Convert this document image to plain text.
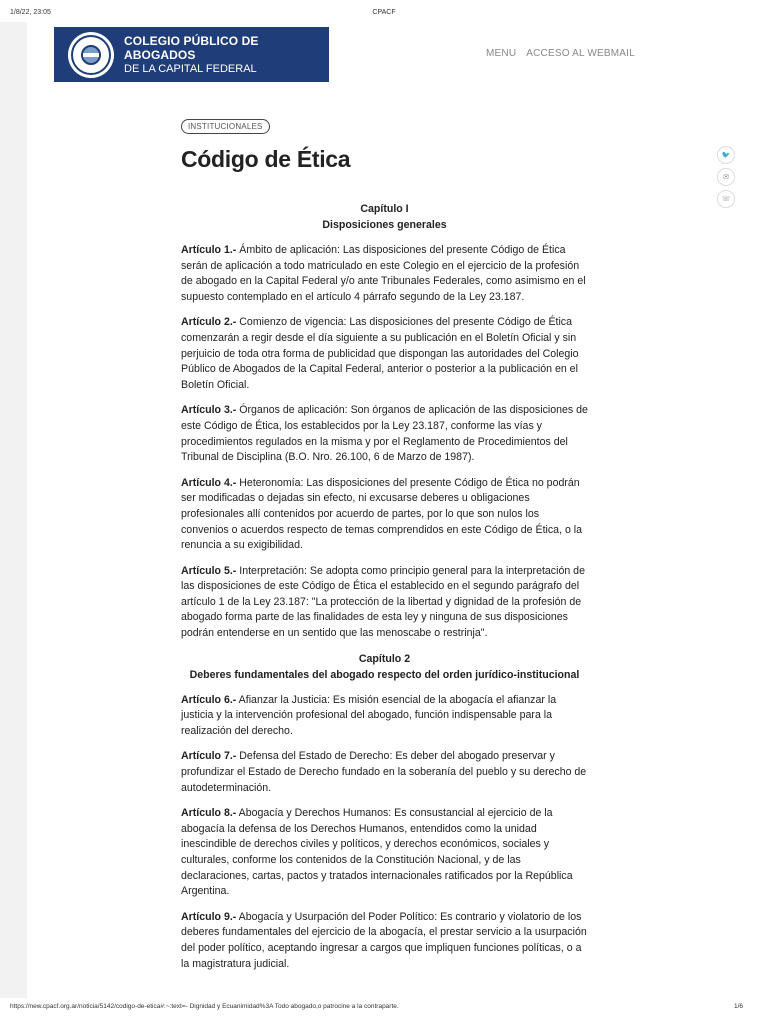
1/8/22, 23:05	CPACF
COLEGIO PÚBLICO DE ABOGADOS
DE LA CAPITAL FEDERAL
MENU ACCESO AL WEBMAIL
🐦
✉
☏
INSTITUCIONALES
Código de Ética
Capítulo I
Disposiciones generales

Artículo 1.- Ámbito de aplicación: Las disposiciones del presente Código de Ética serán de aplicación a todo matriculado en este Colegio en el ejercicio de la profesión de abogado en la Capital Federal y/o ante Tribunales Federales, como asimismo en el supuesto contemplado en el artículo 4 párrafo segundo de la Ley 23.187.

Artículo 2.- Comienzo de vigencia: Las disposiciones del presente Código de Ética comenzarán a regir desde el día siguiente a su publicación en el Boletín Oficial y sin perjuicio de toda otra forma de publicidad que dispongan las autoridades del Colegio Público de Abogados de la Capital Federal, anterior o posterior a la publicación en el Boletín Oficial.

Artículo 3.- Órganos de aplicación: Son órganos de aplicación de las disposiciones de este Código de Ética, los establecidos por la Ley 23.187, conforme las vías y procedimientos regulados en la misma y por el Reglamento de Procedimientos del Tribunal de Disciplina (B.O. Nro. 26.100, 6 de Marzo de 1987).

Artículo 4.- Heteronomía: Las disposiciones del presente Código de Ética no podrán ser modificadas o dejadas sin efecto, ni excusarse deberes u obligaciones profesionales allí contenidos por acuerdo de partes, por lo que son nulos los convenios o acuerdos respecto de temas comprendidos en este Código de Ética, o la renuncia a su exigibilidad.

Artículo 5.- Interpretación: Se adopta como principio general para la interpretación de las disposiciones de este Código de Ética el establecido en el segundo parágrafo del artículo 1 de la Ley 23.187: "La protección de la libertad y dignidad de la profesión de abogado forma parte de las finalidades de esta ley y ninguna de sus disposiciones podrán entenderse en un sentido que las menoscabe o restrinja".

Capítulo 2
Deberes fundamentales del abogado respecto del orden jurídico-institucional

Artículo 6.- Afianzar la Justicia: Es misión esencial de la abogacía el afianzar la justicia y la intervención profesional del abogado, función indispensable para la realización del derecho.

Artículo 7.- Defensa del Estado de Derecho: Es deber del abogado preservar y profundizar el Estado de Derecho fundado en la soberanía del pueblo y su derecho de autodeterminación.

Artículo 8.- Abogacía y Derechos Humanos: Es consustancial al ejercicio de la abogacía la defensa de los Derechos Humanos, entendidos como la unidad inescindible de derechos civiles y políticos, y derechos económicos, sociales y culturales, conforme los contenidos de la Constitución Nacional, y de las declaraciones, cartas, pactos y tratados internacionales ratificados por la República Argentina.

Artículo 9.- Abogacía y Usurpación del Poder Político: Es contrario y violatorio de los deberes fundamentales del ejercicio de la abogacía, el prestar servicio a la usurpación del poder político, aceptando ingresar a cargos que impliquen funciones políticas, o a la magistratura judicial.

https://new.cpacf.org.ar/noticia/5142/codigo-de-etica#:~:text=- Dignidad y Ecuanimidad%3A Todo abogado,o patrocine a la contraparte.	1/6
